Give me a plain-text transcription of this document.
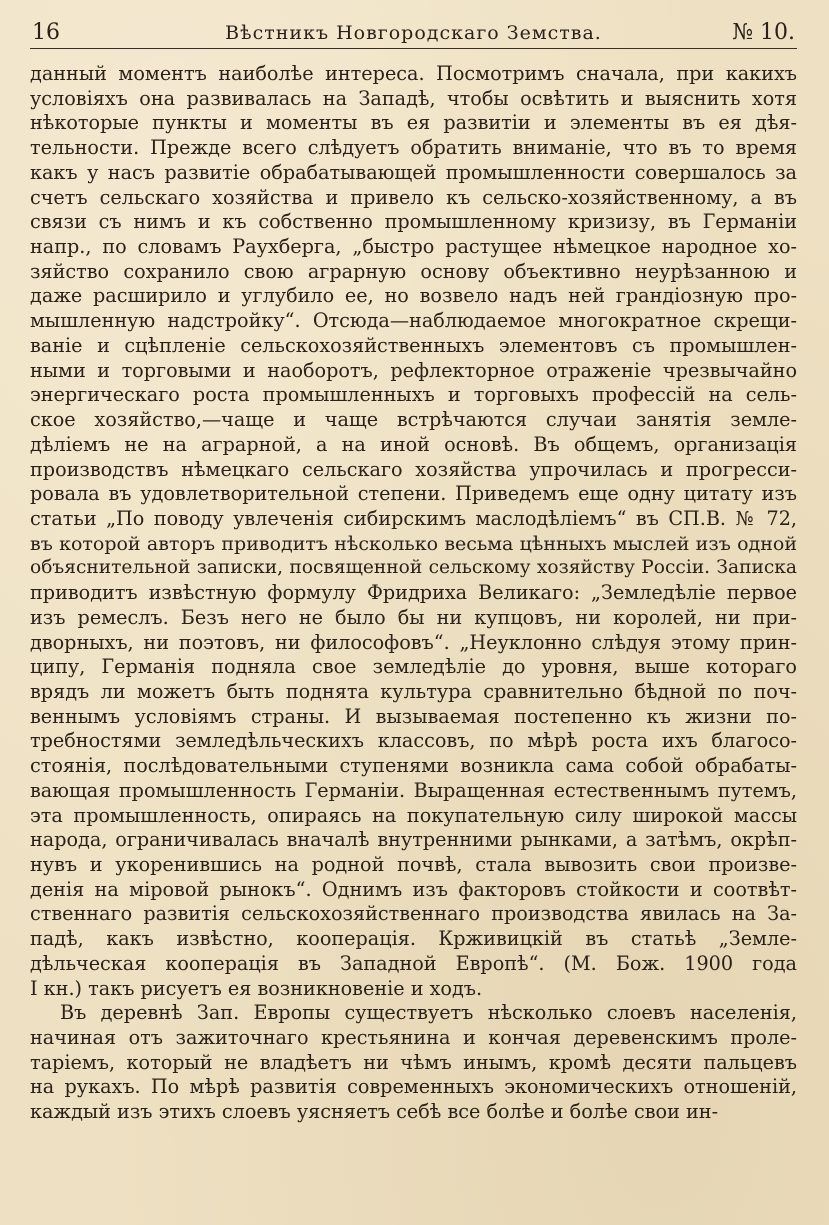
16	Вѣстникъ Новгородскаго Земства.	№ 10.
данный моментъ наиболѣе интереса. Посмотримъ сначала, при какихъ
условіяхъ она развивалась на Западѣ, чтобы освѣтить и выяснить хотя
нѣкоторые пункты и моменты въ ея развитіи и элементы въ ея дѣя-
тельности. Прежде всего слѣдуетъ обратить вниманіе, что въ то время
какъ у насъ развитіе обрабатывающей промышленности совершалось за
счетъ сельскаго хозяйства и привело къ сельско-хозяйственному, а въ
связи съ нимъ и къ собственно промышленному кризизу, въ Германіи
напр., по словамъ Раухберга, „быстро растущее нѣмецкое народное хо-
зяйство сохранило свою аграрную основу объективно неурѣзанною и
даже расширило и углубило ее, но возвело надъ ней грандіозную про-
мышленную надстройку“. Отсюда—наблюдаемое многократное скрещи-
ваніе и сцѣпленіе сельскохозяйственныхъ элементовъ съ промышлен-
ными и торговыми и наоборотъ, рефлекторное отраженіе чрезвычайно
энергическаго роста промышленныхъ и торговыхъ профессій на сель-
ское хозяйство,—чаще и чаще встрѣчаются случаи занятія земле-
дѣліемъ не на аграрной, а на иной основѣ. Въ общемъ, организація
производствъ нѣмецкаго сельскаго хозяйства упрочилась и прогресси-
ровала въ удовлетворительной степени. Приведемъ еще одну цитату изъ
статьи „По поводу увлеченія сибирскимъ маслодѣліемъ“ въ СП.В. № 72,
въ которой авторъ приводитъ нѣсколько весьма цѣнныхъ мыслей изъ одной
объяснительной записки, посвященной сельскому хозяйству Россіи. Записка
приводитъ извѣстную формулу Фридриха Великаго: „Земледѣліе первое
изъ ремеслъ. Безъ него не было бы ни купцовъ, ни королей, ни при-
дворныхъ, ни поэтовъ, ни философовъ“. „Неуклонно слѣдуя этому прин-
ципу, Германія подняла свое земледѣліе до уровня, выше котораго
врядъ ли можетъ быть поднята культура сравнительно бѣдной по поч-
веннымъ условіямъ страны. И вызываемая постепенно къ жизни по-
требностями земледѣльческихъ классовъ, по мѣрѣ роста ихъ благосо-
стоянія, послѣдовательными ступенями возникла сама собой обрабаты-
вающая промышленность Германіи. Выращенная естественнымъ путемъ,
эта промышленность, опираясь на покупательную силу широкой массы
народа, ограничивалась вначалѣ внутренними рынками, а затѣмъ, окрѣп-
нувъ и укоренившись на родной почвѣ, стала вывозить свои произве-
денія на міровой рынокъ“. Однимъ изъ факторовъ стойкости и соотвѣт-
ственнаго развитія сельскохозяйственнаго производства явилась на За-
падѣ, какъ извѣстно, кооперація. Крживицкій въ статьѣ „Земле-
дѣльческая кооперація въ Западной Европѣ“. (М. Бож. 1900 года
I кн.) такъ рисуетъ ея возникновеніе и ходъ.
Въ деревнѣ Зап. Европы существуетъ нѣсколько слоевъ населенія,
начиная отъ зажиточнаго крестьянина и кончая деревенскимъ проле-
таріемъ, который не владѣетъ ни чѣмъ инымъ, кромѣ десяти пальцевъ
на рукахъ. По мѣрѣ развитія современныхъ экономическихъ отношеній,
каждый изъ этихъ слоевъ уясняетъ себѣ все болѣе и болѣе свои ин-
